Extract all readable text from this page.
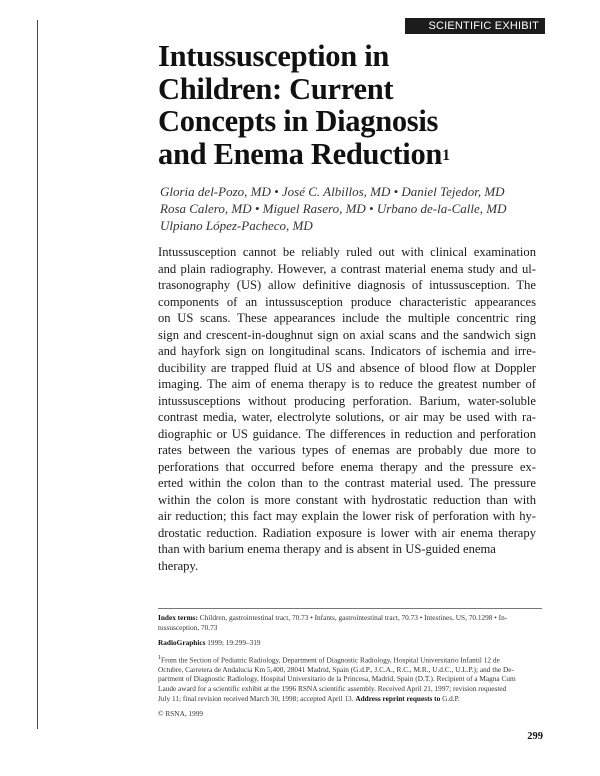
SCIENTIFIC EXHIBIT
Intussusception in
Children: Current
Concepts in Diagnosis
and Enema Reduction$^1$
Gloria del-Pozo, MD • José C. Albillos, MD • Daniel Tejedor, MD
Rosa Calero, MD • Miguel Rasero, MD • Urbano de-la-Calle, MD
Ulpiano López-Pacheco, MD
Intussusception cannot be reliably ruled out with clinical examination
and plain radiography. However, a contrast material enema study and ul-
trasonography (US) allow definitive diagnosis of intussusception. The
components of an intussusception produce characteristic appearances
on US scans. These appearances include the multiple concentric ring
sign and crescent-in-doughnut sign on axial scans and the sandwich sign
and hayfork sign on longitudinal scans. Indicators of ischemia and irre-
ducibility are trapped fluid at US and absence of blood flow at Doppler
imaging. The aim of enema therapy is to reduce the greatest number of
intussusceptions without producing perforation. Barium, water-soluble
contrast media, water, electrolyte solutions, or air may be used with ra-
diographic or US guidance. The differences in reduction and perforation
rates between the various types of enemas are probably due more to
perforations that occurred before enema therapy and the pressure ex-
erted within the colon than to the contrast material used. The pressure
within the colon is more constant with hydrostatic reduction than with
air reduction; this fact may explain the lower risk of perforation with hy-
drostatic reduction. Radiation exposure is lower with air enema therapy
than with barium enema therapy and is absent in US-guided enema
therapy.

Index terms: Children, gastrointestinal tract, 70.73 • Infants, gastrointestinal tract, 70.73 • Intestines, US, 70.1298 • In-
tussusception, 70.73

RadioGraphics 1999; 19:299–319

$^1$From the Section of Pediatric Radiology, Department of Diagnostic Radiology, Hospital Universitario Infantil 12 de
Octubre, Carretera de Andalucia Km 5,400, 28041 Madrid, Spain (G.d.P., J.C.A., R.C., M.R., U.d.C., U.L.P.); and the De-
partment of Diagnostic Radiology, Hospital Universitario de la Princesa, Madrid, Spain (D.T.). Recipient of a Magna Cum
Laude award for a scientific exhibit at the 1996 RSNA scientific assembly. Received April 21, 1997; revision requested
July 11; final revision received March 30, 1998; accepted April 13. Address reprint requests to G.d.P.

© RSNA, 1999

299
